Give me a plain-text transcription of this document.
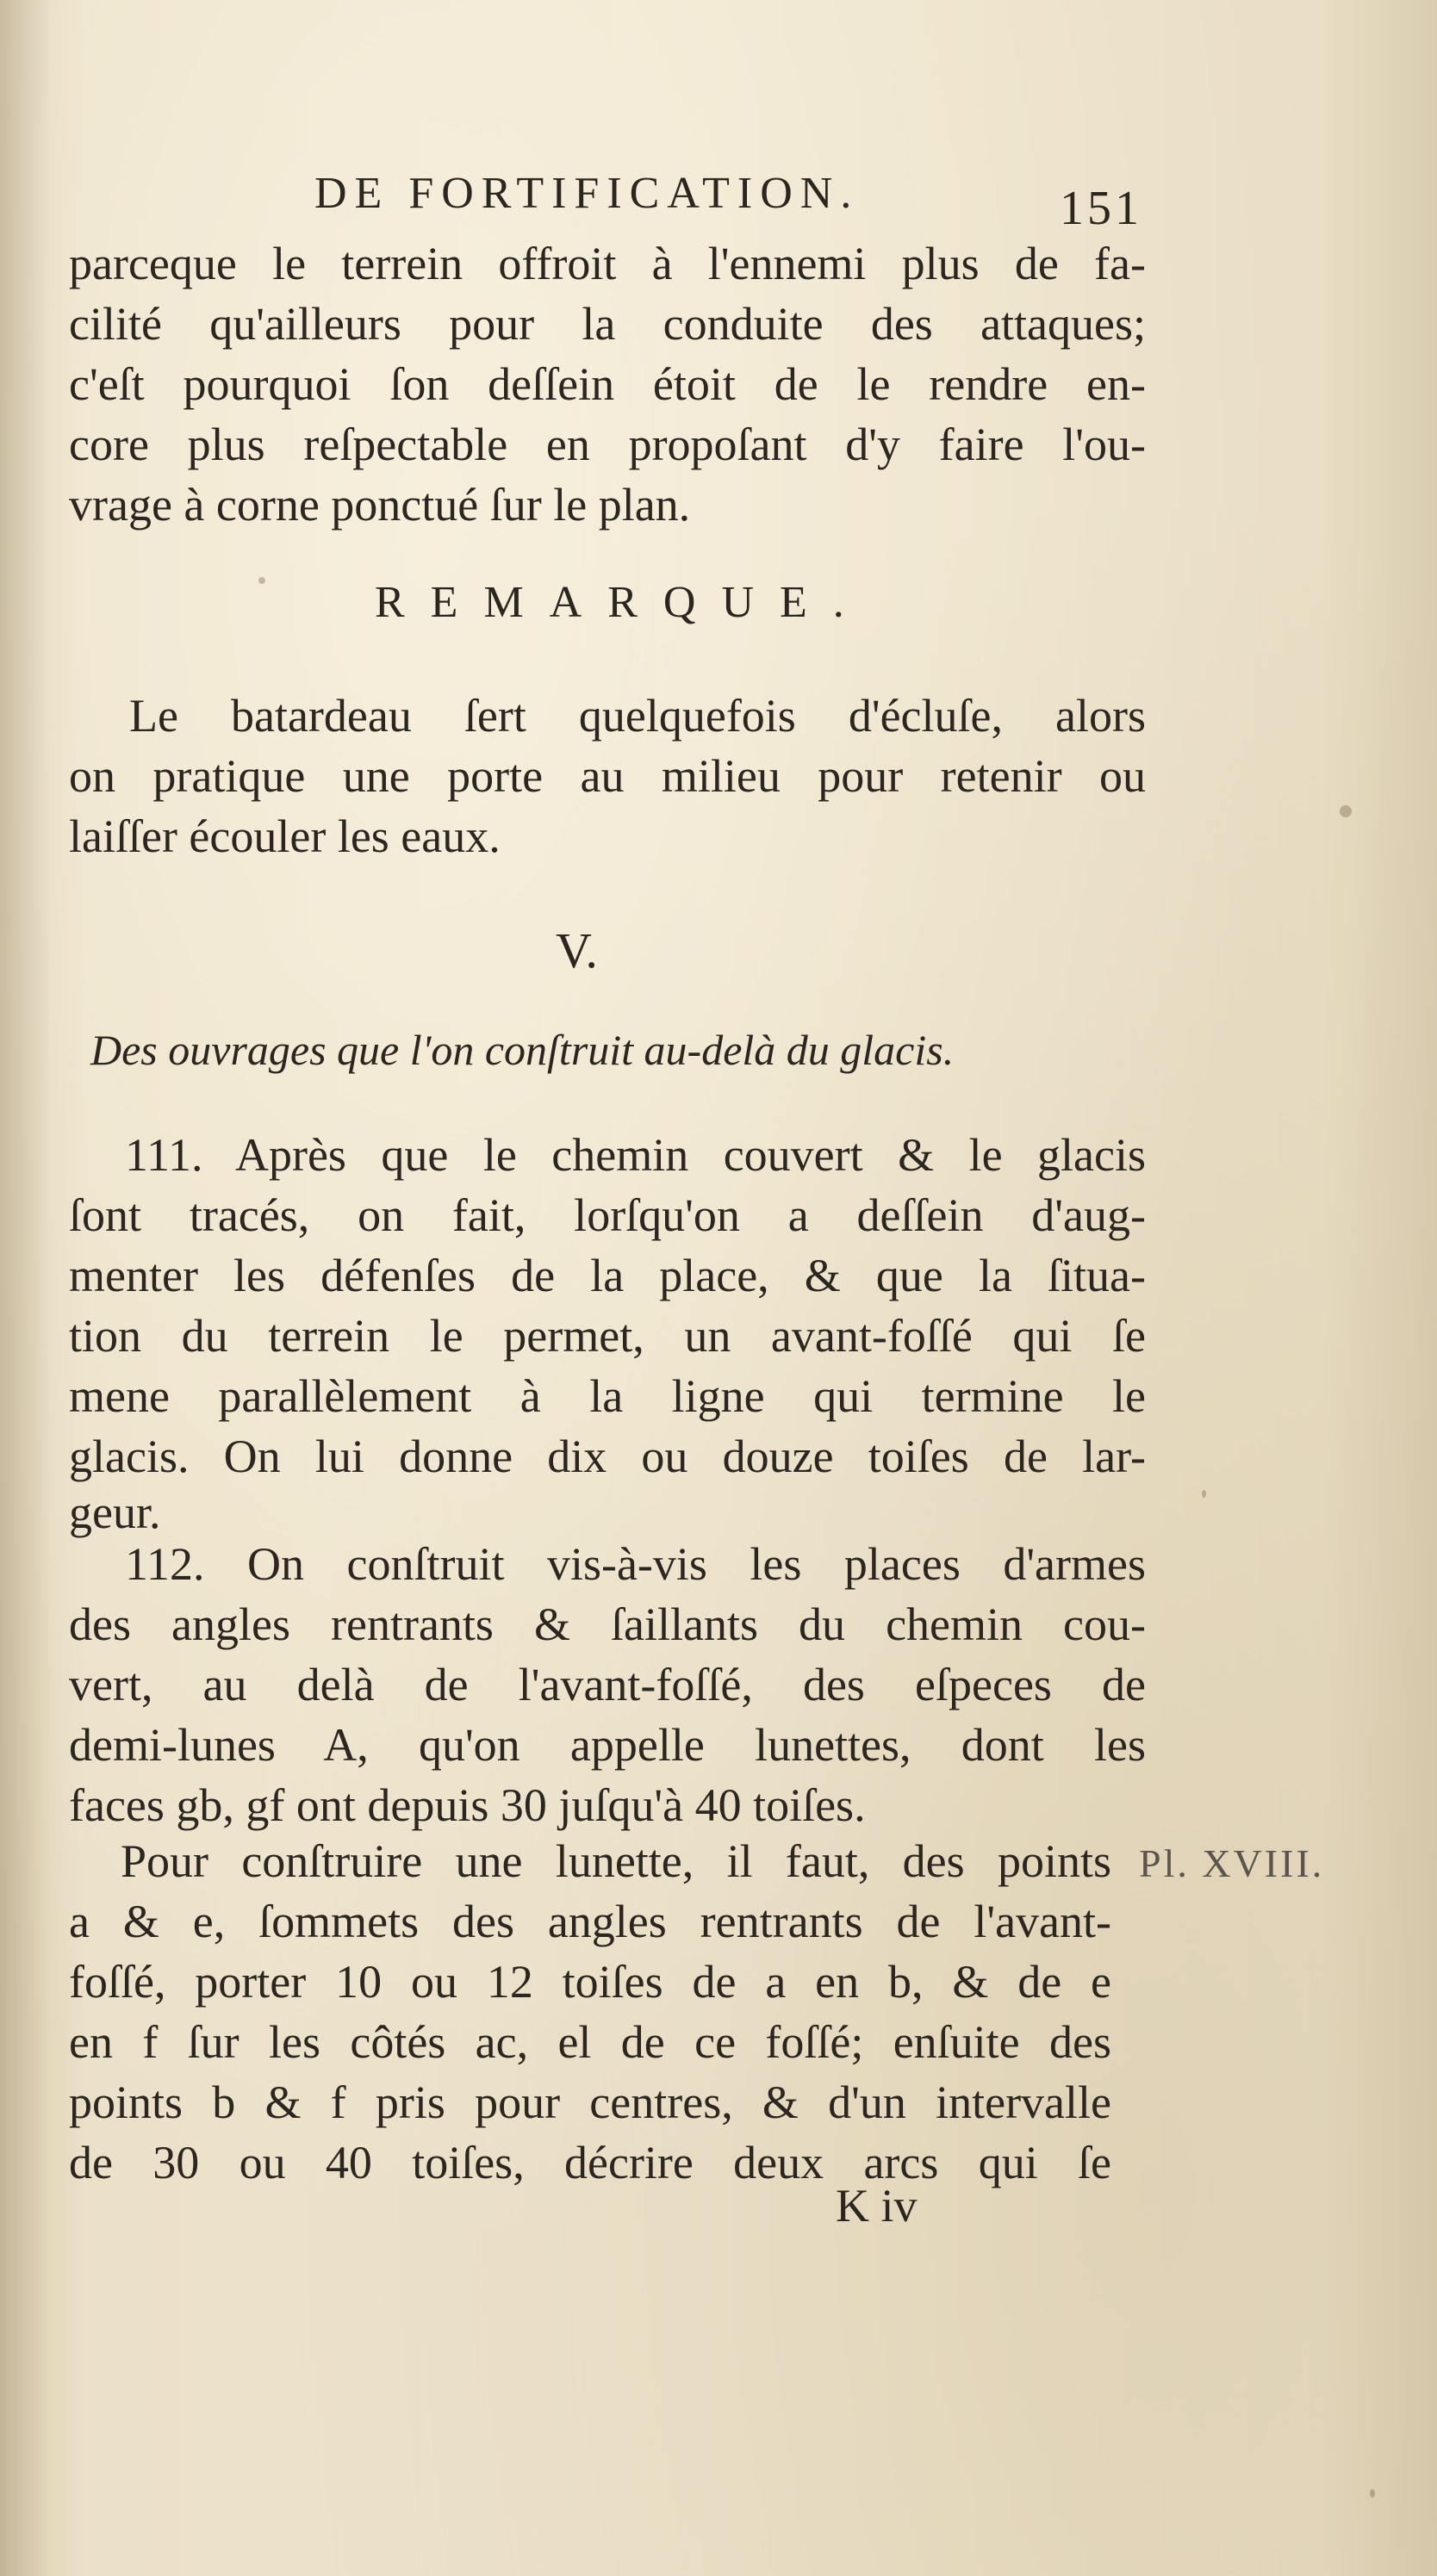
DE FORTIFICATION.	151
parceque le terrein offroit à l'ennemi plus de fa-
cilité qu'ailleurs pour la conduite des attaques;
c'eſt pourquoi ſon deſſein étoit de le rendre en-
core plus reſpectable en propoſant d'y faire l'ou-
vrage à corne ponctué ſur le plan.
REMARQUE.
Le batardeau ſert quelquefois d'écluſe, alors
on pratique une porte au milieu pour retenir ou
laiſſer écouler les eaux.
V.
Des ouvrages que l'on conſtruit au-delà du glacis.
111. Après que le chemin couvert & le glacis
ſont tracés, on fait, lorſqu'on a deſſein d'aug-
menter les défenſes de la place, & que la ſitua-
tion du terrein le permet, un avant-foſſé qui ſe
mene parallèlement à la ligne qui termine le
glacis. On lui donne dix ou douze toiſes de lar-
geur.
112. On conſtruit vis-à-vis les places d'armes
des angles rentrants & ſaillants du chemin cou-
vert, au delà de l'avant-foſſé, des eſpeces de
demi-lunes A, qu'on appelle lunettes, dont les
faces gb, gf ont depuis 30 juſqu'à 40 toiſes.
Pour conſtruire une lunette, il faut, des points
a & e, ſommets des angles rentrants de l'avant-
foſſé, porter 10 ou 12 toiſes de a en b, & de e
en f ſur les côtés ac, el de ce foſſé; enſuite des
points b & f pris pour centres, & d'un intervalle
de 30 ou 40 toiſes, décrire deux arcs qui ſe
Pl. XVIII.
K iv
